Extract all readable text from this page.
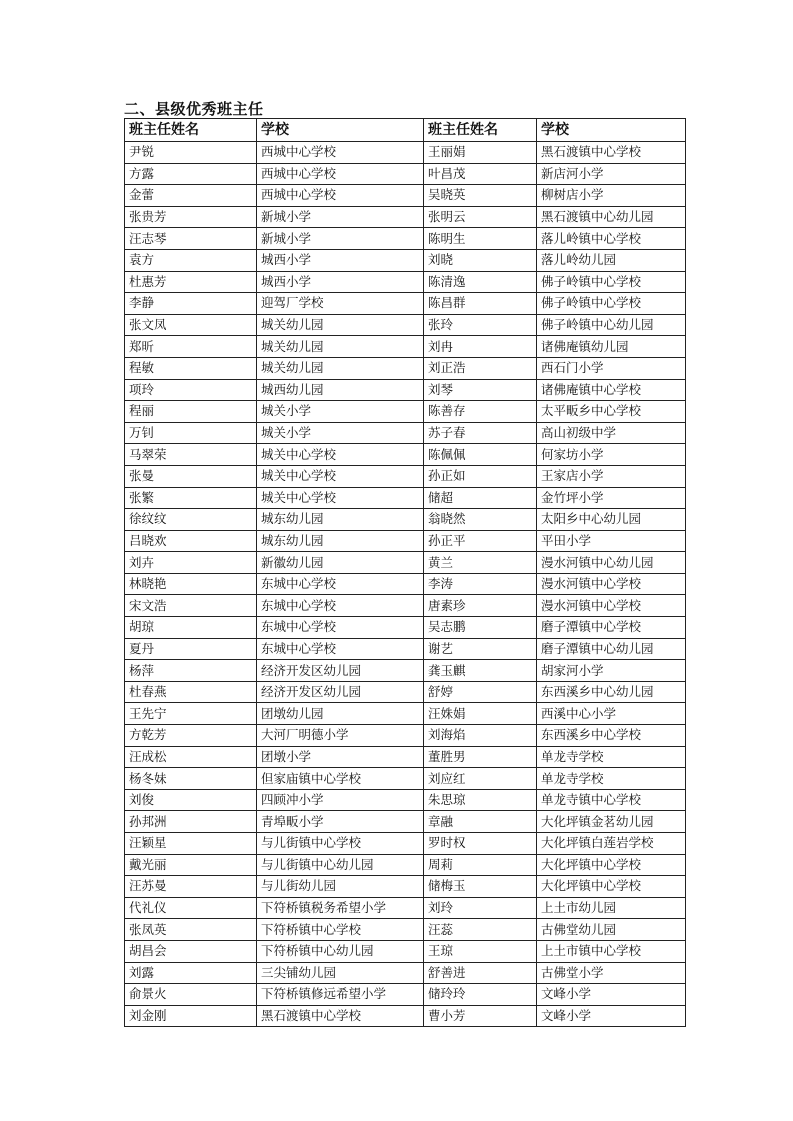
二、县级优秀班主任
班主任姓名	学校	班主任姓名	学校
尹锐	西城中心学校	王丽娟	黑石渡镇中心学校
方露	西城中心学校	叶昌茂	新店河小学
金蕾	西城中心学校	吴晓英	柳树店小学
张贵芳	新城小学	张明云	黑石渡镇中心幼儿园
汪志琴	新城小学	陈明生	落儿岭镇中心学校
袁方	城西小学	刘晓	落儿岭幼儿园
杜惠芳	城西小学	陈清逸	佛子岭镇中心学校
李静	迎驾厂学校	陈昌群	佛子岭镇中心学校
张文凤	城关幼儿园	张玲	佛子岭镇中心幼儿园
郑昕	城关幼儿园	刘冉	诸佛庵镇幼儿园
程敏	城关幼儿园	刘正浩	西石门小学
项玲	城西幼儿园	刘琴	诸佛庵镇中心学校
程丽	城关小学	陈善存	太平畈乡中心学校
万钊	城关小学	苏子春	高山初级中学
马翠荣	城关中心学校	陈佩佩	何家坊小学
张曼	城关中心学校	孙正如	王家店小学
张繁	城关中心学校	储超	金竹坪小学
徐纹纹	城东幼儿园	翁晓然	太阳乡中心幼儿园
吕晓欢	城东幼儿园	孙正平	平田小学
刘卉	新徽幼儿园	黄兰	漫水河镇中心幼儿园
林晓艳	东城中心学校	李涛	漫水河镇中心学校
宋文浩	东城中心学校	唐素珍	漫水河镇中心学校
胡琼	东城中心学校	吴志鹏	磨子潭镇中心学校
夏丹	东城中心学校	谢艺	磨子潭镇中心幼儿园
杨萍	经济开发区幼儿园	龚玉麒	胡家河小学
杜春燕	经济开发区幼儿园	舒婷	东西溪乡中心幼儿园
王先宁	团墩幼儿园	汪姝娟	西溪中心小学
方乾芳	大河厂明德小学	刘海焰	东西溪乡中心学校
汪成松	团墩小学	董胜男	单龙寺学校
杨冬妹	但家庙镇中心学校	刘应红	单龙寺学校
刘俊	四顾冲小学	朱思琼	单龙寺镇中心学校
孙邦洲	青埠畈小学	章融	大化坪镇金茗幼儿园
汪颖星	与儿街镇中心学校	罗时权	大化坪镇白莲岩学校
戴光丽	与儿街镇中心幼儿园	周莉	大化坪镇中心学校
汪苏曼	与儿街幼儿园	储梅玉	大化坪镇中心学校
代礼仪	下符桥镇税务希望小学	刘玲	上土市幼儿园
张凤英	下符桥镇中心学校	汪蕊	古佛堂幼儿园
胡昌会	下符桥镇中心幼儿园	王琼	上土市镇中心学校
刘露	三尖铺幼儿园	舒善进	古佛堂小学
俞景火	下符桥镇修远希望小学	储玲玲	文峰小学
刘金刚	黑石渡镇中心学校	曹小芳	文峰小学
